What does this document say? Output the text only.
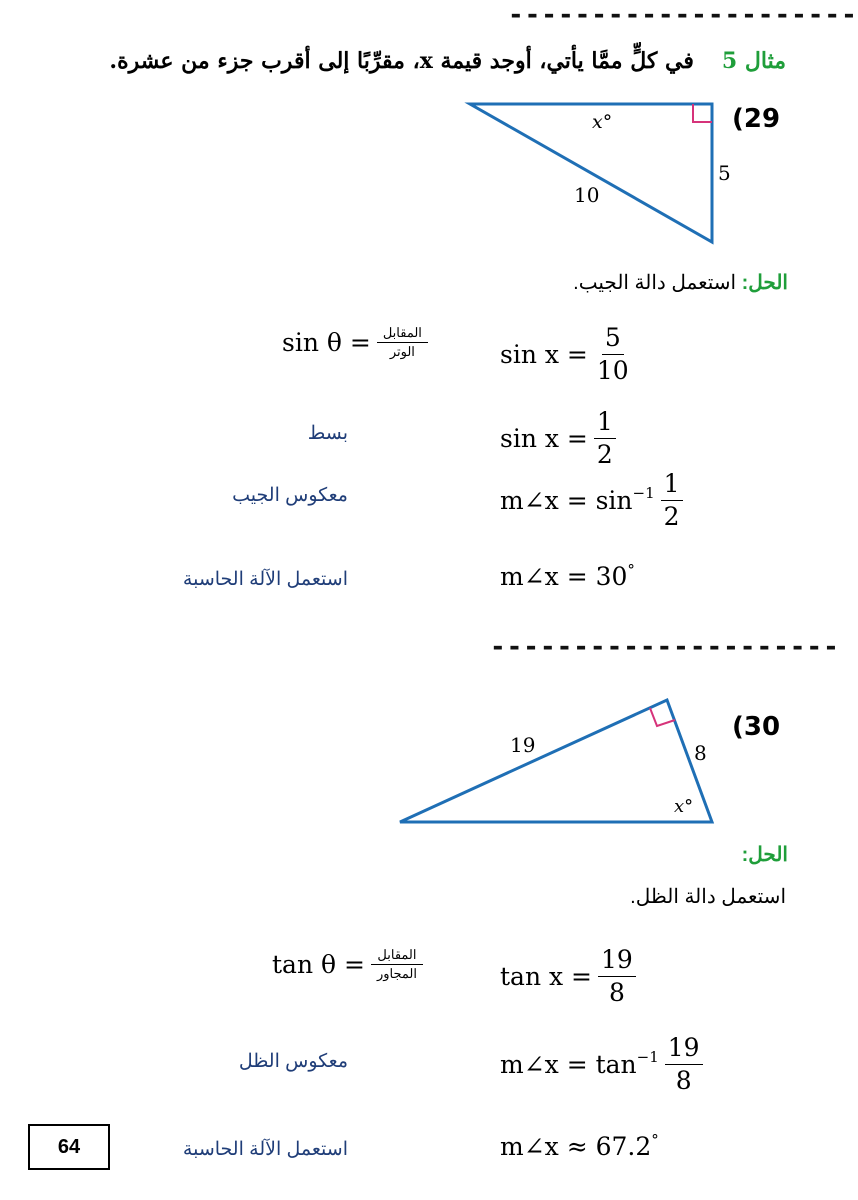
---------------------
مثال 5
في كلٍّ ممَّا يأتي، أوجد قيمة x، مقرِّبًا إلى أقرب جزء من عشرة.
(29
x°
5
10
الحل: استعمل دالة الجيب.
$\sin \theta = \frac{\text{المقابل}}{\text{الوتر}}$	$\sin x = \frac{5}{10}$
$\sin x = \frac{1}{2}$
بسط
m∠x = $\sin^{-1} \frac{1}{2}$
معكوس الجيب
m∠x = 30°
استعمل الآلة الحاسبة
---------------------
(30
19	8
x°
الحل:
استعمل دالة الظل.
$\tan \theta = \frac{\text{المقابل}}{\text{المجاور}}$	$\tan x = \frac{19}{8}$
m∠x = $\tan^{-1} \frac{19}{8}$
معكوس الظل
m∠x ≈ 67.2°
استعمل الآلة الحاسبة
64
